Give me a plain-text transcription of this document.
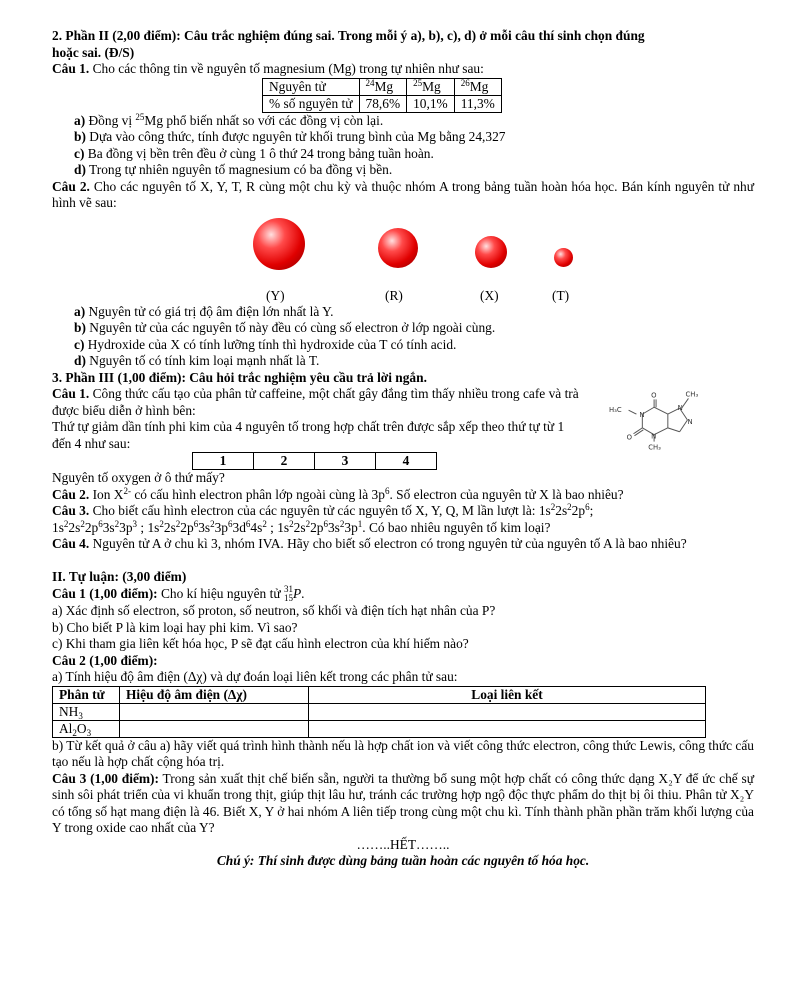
2. Phần II (2,00 điểm): Câu trắc nghiệm đúng sai. Trong mỗi ý a), b), c), d) ở mỗi câu thí sinh chọn đúng

hoặc sai. (Đ/S)

Câu 1. Cho các thông tin về nguyên tố magnesium (Mg) trong tự nhiên như sau:

Nguyên tử	$^{24}$Mg	$^{25}$Mg	$^{26}$Mg
% số nguyên tử	78,6%	10,1%	11,3%

a) Đồng vị $^{25}$Mg phổ biến nhất so với các đồng vị còn lại.

b) Dựa vào công thức, tính được nguyên tử khối trung bình của Mg bằng 24,327

c) Ba đồng vị bền trên đều ở cùng 1 ô thứ 24 trong bảng tuần hoàn.

d) Trong tự nhiên nguyên tố magnesium có ba đồng vị bền.

Câu 2. Cho các nguyên tố X, Y, T, R cùng một chu kỳ và thuộc nhóm A trong bảng tuần hoàn hóa học. Bán kính nguyên tử như hình vẽ sau:

(Y)	(R)	(X)	(T)

a) Nguyên tử có giá trị độ âm điện lớn nhất là Y.

b) Nguyên tử của các nguyên tố này đều có cùng số electron ở lớp ngoài cùng.

c) Hydroxide của X có tính lưỡng tính thì hydroxide của T có tính acid.

d) Nguyên tố có tính kim loại mạnh nhất là T.

3. Phần III (1,00 điểm): Câu hỏi trắc nghiệm yêu cầu trả lời ngắn.

Câu 1. Công thức cấu tạo của phân tử caffeine, một chất gây đắng tìm thấy nhiều trong cafe và trà được biểu diễn ở hình bên:

Thứ tự giảm dần tính phi kim của 4 nguyên tố trong hợp chất trên được sắp xếp theo thứ tự từ 1 đến 4 như sau:

H₃C
N
O
O	N
CH₃
N
CH₃
N
1	2	3	4

Nguyên tố oxygen ở ô thứ mấy?

Câu 2. Ion $X^{2-}$ có cấu hình electron phân lớp ngoài cùng là $3p^6$. Số electron của nguyên tử X là bao nhiêu?

Câu 3. Cho biết cấu hình electron của các nguyên tử các nguyên tố X, Y, Q, M lần lượt là: $1s^22s^22p^6$;

$1s^22s^22p^63s^23p^3$ ; $1s^22s^22p^63s^23p^63d^64s^2$ ; $1s^22s^22p^63s^23p^1$. Có bao nhiêu nguyên tố kim loại?

Câu 4. Nguyên tử A ở chu kì 3, nhóm IVA. Hãy cho biết số electron có trong nguyên tử của nguyên tố A là bao nhiêu?

II. Tự luận: (3,00 điểm)

Câu 1 (1,00 điểm): Cho kí hiệu nguyên tử 31
15P.

a) Xác định số electron, số proton, số neutron, số khối và điện tích hạt nhân của P?

b) Cho biết P là kim loại hay phi kim. Vì sao?

c) Khi tham gia liên kết hóa học, P sẽ đạt cấu hình electron của khí hiếm nào?

Câu 2 (1,00 điểm):

a) Tính hiệu độ âm điện (Δχ) và dự đoán loại liên kết trong các phân tử sau:

Phân tử	Hiệu độ âm điện (Δχ)	Loại liên kết
$NH_3$		
$Al_2O_3$		

b) Từ kết quả ở câu a) hãy viết quá trình hình thành nếu là hợp chất ion và viết công thức electron, công thức Lewis, công thức cấu tạo nếu là hợp chất cộng hóa trị.

Câu 3 (1,00 điểm): Trong sản xuất thịt chế biến sẵn, người ta thường bổ sung một hợp chất có công thức dạng X₂Y để ức chế sự sinh sôi phát triển của vi khuẩn trong thịt, giúp thịt lâu hư, tránh các trường hợp ngộ độc thực phẩm do thịt bị ôi thiu. Phân tử X₂Y có tổng số hạt mang điện là 46. Biết X, Y ở hai nhóm A liên tiếp trong cùng một chu kì. Tính thành phần phần trăm khối lượng của Y trong oxide cao nhất của Y?

……..HẾT……..

Chú ý: Thí sinh được dùng bảng tuần hoàn các nguyên tố hóa học.
